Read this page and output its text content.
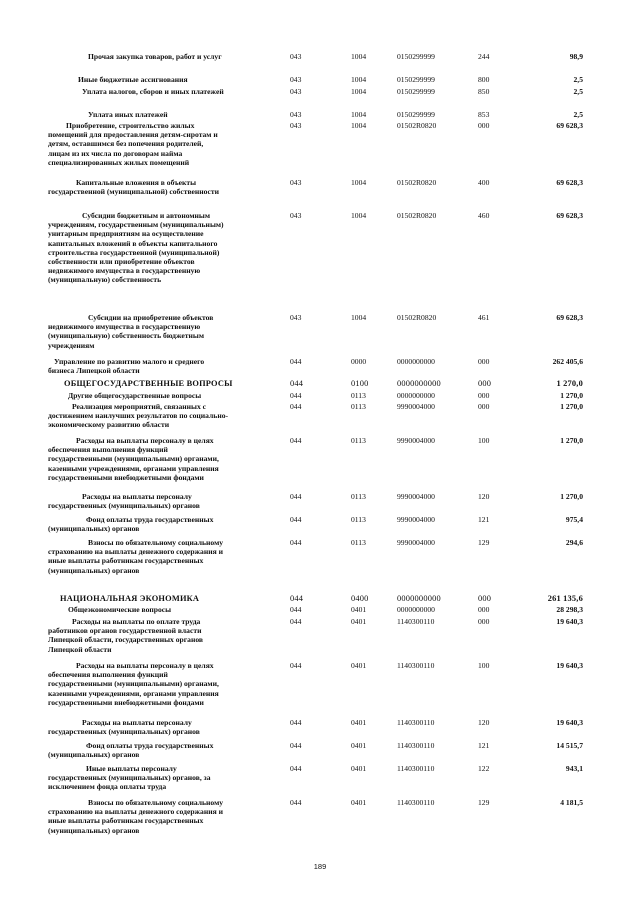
Прочая закупка товаров, работ и услуг	043	1004	0150299999	244	98,9
Иные бюджетные ассигнования	043	1004	0150299999	800	2,5
Уплата налогов, сборов и иных платежей	043	1004	0150299999	850	2,5
Уплата иных платежей	043	1004	0150299999	853	2,5
Приобретение, строительство жилых
помещений для предоставления детям-сиротам и
детям, оставшимся без попечения родителей,
лицам из их числа по договорам найма
специализированных жилых помещений
043	1004	01502R0820	000	69 628,3
Капитальные вложения в объекты
государственной (муниципальной) собственности
043	1004	01502R0820	400	69 628,3
Субсидии бюджетным и автономным
учреждениям, государственным (муниципальным)
унитарным предприятиям на осуществление
капитальных вложений в объекты капитального
строительства государственной (муниципальной)
собственности или приобретение объектов
недвижимого имущества в государственную
(муниципальную) собственность
043	1004	01502R0820	460	69 628,3
Субсидии на приобретение объектов
недвижимого имущества в государственную
(муниципальную) собственность бюджетным
учреждениям
043	1004	01502R0820	461	69 628,3
Управление по развитию малого и среднего
бизнеса Липецкой области
044	0000	0000000000	000	262 405,6
ОБЩЕГОСУДАРСТВЕННЫЕ ВОПРОСЫ	044	0100	0000000000	000	1 270,0
Другие общегосударственные вопросы	044	0113	0000000000	000	1 270,0
Реализация мероприятий, связанных с
достижением наилучших результатов по социально-
экономическому развитию области
044	0113	9990004000	000	1 270,0
Расходы на выплаты персоналу в целях
обеспечения выполнения функций
государственными (муниципальными) органами,
казенными учреждениями, органами управления
государственными внебюджетными фондами
044	0113	9990004000	100	1 270,0
Расходы на выплаты персоналу
государственных (муниципальных) органов
044	0113	9990004000	120	1 270,0
Фонд оплаты труда государственных
(муниципальных) органов
044	0113	9990004000	121	975,4
Взносы по обязательному социальному
страхованию на выплаты денежного содержания и
иные выплаты работникам государственных
(муниципальных) органов
044	0113	9990004000	129	294,6
НАЦИОНАЛЬНАЯ ЭКОНОМИКА	044	0400	0000000000	000	261 135,6
Общеэкономические вопросы	044	0401	0000000000	000	28 298,3
Расходы на выплаты по оплате труда
работников органов государственной власти
Липецкой области, государственных органов
Липецкой области
044	0401	1140300110	000	19 640,3
Расходы на выплаты персоналу в целях
обеспечения выполнения функций
государственными (муниципальными) органами,
казенными учреждениями, органами управления
государственными внебюджетными фондами
044	0401	1140300110	100	19 640,3
Расходы на выплаты персоналу
государственных (муниципальных) органов
044	0401	1140300110	120	19 640,3
Фонд оплаты труда государственных
(муниципальных) органов
044	0401	1140300110	121	14 515,7
Иные выплаты персоналу
государственных (муниципальных) органов, за
исключением фонда оплаты труда
044	0401	1140300110	122	943,1
Взносы по обязательному социальному
страхованию на выплаты денежного содержания и
иные выплаты работникам государственных
(муниципальных) органов
044	0401	1140300110	129	4 181,5
189
